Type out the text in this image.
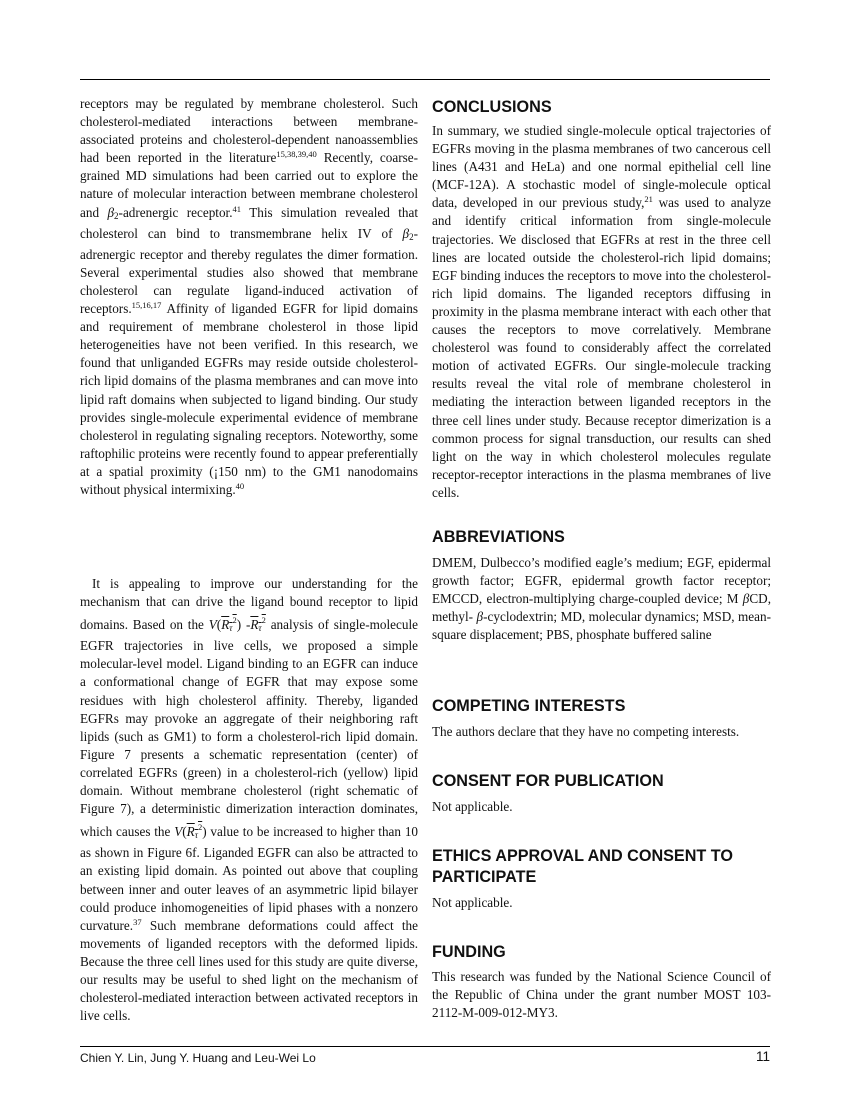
receptors may be regulated by membrane cholesterol. Such cholesterol-mediated interactions between membrane-associated proteins and cholesterol-dependent nanoassemblies had been reported in the literature$^{15,38,39,40}$ Recently, coarse-grained MD simulations had been carried out to explore the nature of molecular interaction between membrane cholesterol and $\beta_2$-adrenergic receptor.$^{41}$ This simulation revealed that cholesterol can bind to transmembrane helix IV of $\beta_2$-adrenergic receptor and thereby regulates the dimer formation. Several experimental studies also showed that membrane cholesterol can regulate ligand-induced activation of receptors.$^{15,16,17}$ Affinity of liganded EGFR for lipid domains and requirement of membrane cholesterol in those lipid heterogeneities have not been verified. In this research, we found that unliganded EGFRs may reside outside cholesterol-rich lipid domains of the plasma membranes and can move into lipid raft domains when subjected to ligand binding. Our study provides single-molecule experimental evidence of membrane cholesterol in regulating signaling receptors. Noteworthy, some raftophilic proteins were recently found to appear preferentially at a spatial proximity (¡150 nm) to the GM1 nanodomains without physical intermixing.$^{40}$

It is appealing to improve our understanding for the mechanism that can drive the ligand bound receptor to lipid domains. Based on the $V(R_\tau^2)$ $-R_\tau^2$ analysis of single-molecule EGFR trajectories in live cells, we proposed a simple molecular-level model. Ligand binding to an EGFR can induce a conformational change of EGFR that may expose some residues with high cholesterol affinity. Thereby, liganded EGFRs may provoke an aggregate of their neighboring raft lipids (such as GM1) to form a cholesterol-rich lipid domain. Figure 7 presents a schematic representation (center) of correlated EGFRs (green) in a cholesterol-rich (yellow) lipid domain. Without membrane cholesterol (right schematic of Figure 7), a deterministic dimerization interaction dominates, which causes the $V(R_\tau^2)$ value to be increased to higher than 10 as shown in Figure 6f. Liganded EGFR can also be attracted to an existing lipid domain. As pointed out above that coupling between inner and outer leaves of an asymmetric lipid bilayer could produce inhomogeneities of lipid phases with a nonzero curvature.$^{37}$ Such membrane deformations could affect the movements of liganded receptors with the deformed lipids. Because the three cell lines used for this study are quite diverse, our results may be useful to shed light on the mechanism of cholesterol-mediated interaction between activated receptors in live cells.

CONCLUSIONS

In summary, we studied single-molecule optical trajectories of EGFRs moving in the plasma membranes of two cancerous cell lines (A431 and HeLa) and one normal epithelial cell line (MCF-12A). A stochastic model of single-molecule optical data, developed in our previous study,$^{21}$ was used to analyze and identify critical information from single-molecule trajectories. We disclosed that EGFRs at rest in the three cell lines are located outside the cholesterol-rich lipid domains; EGF binding induces the receptors to move into the cholesterol-rich lipid domains. The liganded receptors diffusing in proximity in the plasma membrane interact with each other that causes the receptors to move correlatively. Membrane cholesterol was found to considerably affect the correlated motion of activated EGFRs. Our single-molecule tracking results reveal the vital role of membrane cholesterol in mediating the interaction between liganded receptors in the three cell lines under study. Because receptor dimerization is a common process for signal transduction, our results can shed light on the way in which cholesterol molecules regulate receptor-receptor interactions in the plasma membranes of live cells.

ABBREVIATIONS

DMEM, Dulbecco’s modified eagle’s medium; EGF, epidermal growth factor; EGFR, epidermal growth factor receptor; EMCCD, electron-multiplying charge-coupled device; M βCD, methyl- β-cyclodextrin; MD, molecular dynamics; MSD, mean-square displacement; PBS, phosphate buffered saline

COMPETING INTERESTS

The authors declare that they have no competing interests.

CONSENT FOR PUBLICATION

Not applicable.

ETHICS APPROVAL AND CONSENT TO PARTICIPATE

Not applicable.

FUNDING

This research was funded by the National Science Council of the Republic of China under the grant number MOST 103-2112-M-009-012-MY3.

Chien Y. Lin, Jung Y. Huang and Leu-Wei Lo	11
